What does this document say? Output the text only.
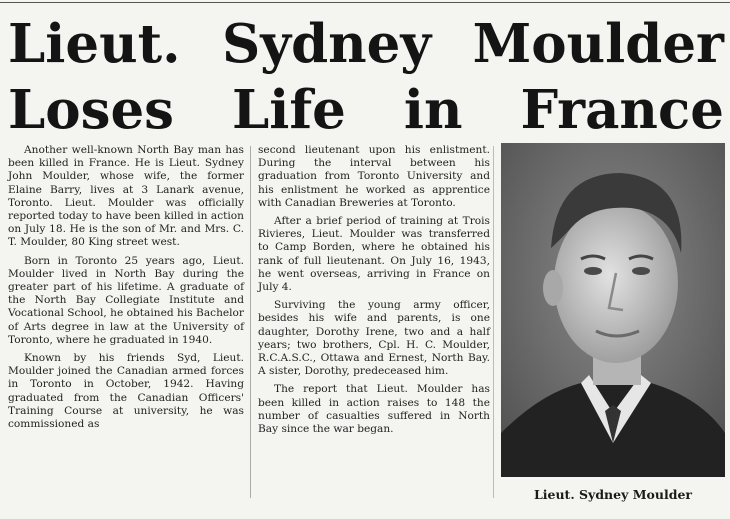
Lieut. Sydney Moulder
Loses Life in France

Another well-known North Bay man has been killed in France. He is Lieut. Sydney John Moulder, whose wife, the former Elaine Barry, lives at 3 Lanark avenue, Toronto. Lieut. Moulder was officially reported today to have been killed in action on July 18. He is the son of Mr. and Mrs. C. T. Moulder, 80 King street west.

Born in Toronto 25 years ago, Lieut. Moulder lived in North Bay during the greater part of his lifetime. A graduate of the North Bay Collegiate Institute and Vocational School, he obtained his Bachelor of Arts degree in law at the University of Toronto, where he graduated in 1940.

Known by his friends Syd, Lieut. Moulder joined the Canadian armed forces in Toronto in October, 1942. Having graduated from the Canadian Officers' Training Course at university, he was commissioned as

second lieutenant upon his enlistment. During the interval between his graduation from Toronto University and his enlistment he worked as apprentice with Canadian Breweries at Toronto.

After a brief period of training at Trois Rivieres, Lieut. Moulder was transferred to Camp Borden, where he obtained his rank of full lieutenant. On July 16, 1943, he went overseas, arriving in France on July 4.

Surviving the young army officer, besides his wife and parents, is one daughter, Dorothy Irene, two and a half years; two brothers, Cpl. H. C. Moulder, R.C.A.S.C., Ottawa and Ernest, North Bay. A sister, Dorothy, predeceased him.

The report that Lieut. Moulder has been killed in action raises to 148 the number of casualties suffered in North Bay since the war began.

Lieut. Sydney Moulder
